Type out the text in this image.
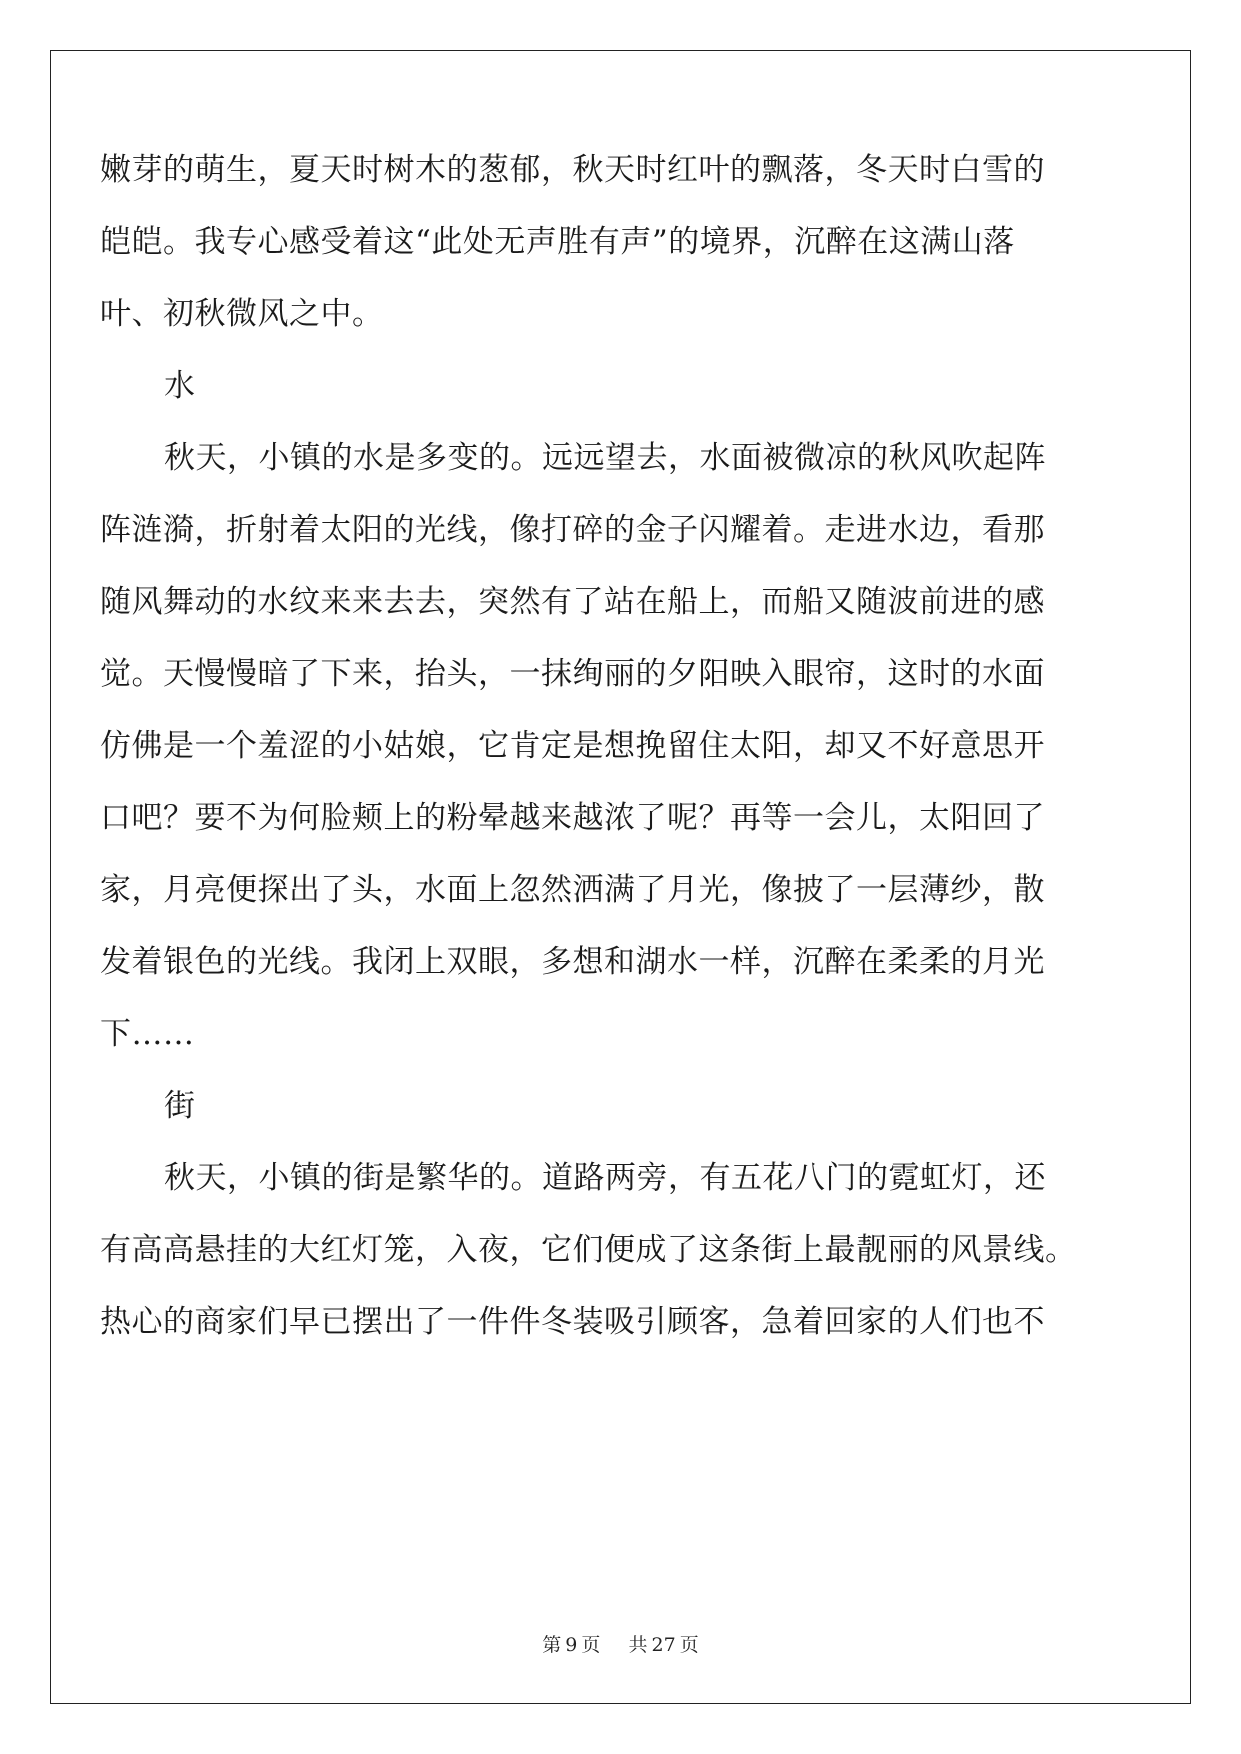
嫩芽的萌生，夏天时树木的葱郁，秋天时红叶的飘落，冬天时白雪的
皑皑。我专心感受着这“此处无声胜有声”的境界，沉醉在这满山落
叶、初秋微风之中。
水
秋天，小镇的水是多变的。远远望去，水面被微凉的秋风吹起阵
阵涟漪，折射着太阳的光线，像打碎的金子闪耀着。走进水边，看那
随风舞动的水纹来来去去，突然有了站在船上，而船又随波前进的感
觉。天慢慢暗了下来，抬头，一抹绚丽的夕阳映入眼帘，这时的水面
仿佛是一个羞涩的小姑娘，它肯定是想挽留住太阳，却又不好意思开
口吧？要不为何脸颊上的粉晕越来越浓了呢？再等一会儿，太阳回了
家，月亮便探出了头，水面上忽然洒满了月光，像披了一层薄纱，散
发着银色的光线。我闭上双眼，多想和湖水一样，沉醉在柔柔的月光
下……
街
秋天，小镇的街是繁华的。道路两旁，有五花八门的霓虹灯，还
有高高悬挂的大红灯笼，入夜，它们便成了这条街上最靓丽的风景线。
热心的商家们早已摆出了一件件冬装吸引顾客，急着回家的人们也不
第 9 页 共 27 页
